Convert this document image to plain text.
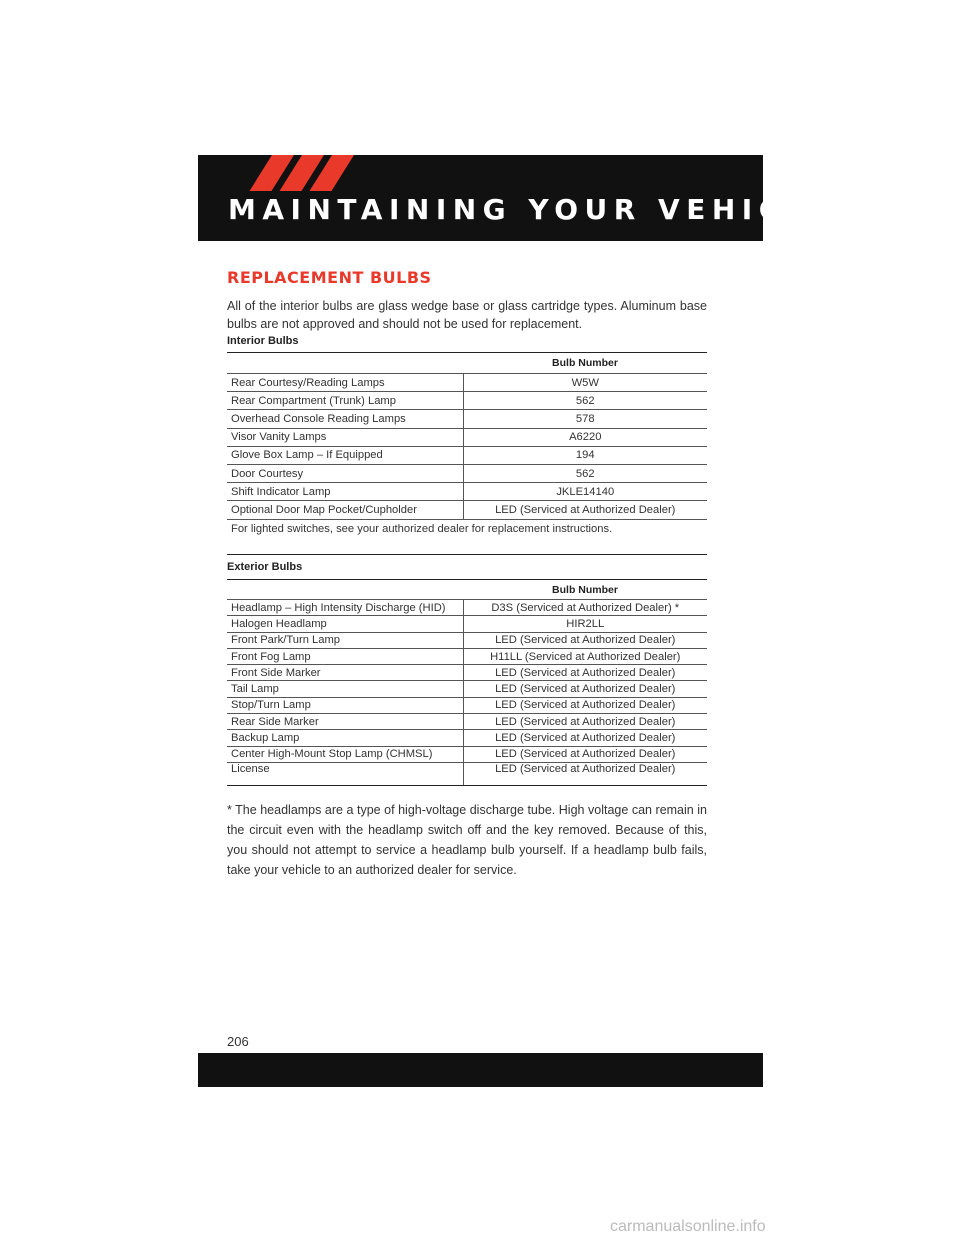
MAINTAINING YOUR VEHICLE
REPLACEMENT BULBS

All of the interior bulbs are glass wedge base or glass cartridge types. Aluminum base bulbs are not approved and should not be used for replacement.

Interior Bulbs

	Bulb Number
Rear Courtesy/Reading Lamps	W5W
Rear Compartment (Trunk) Lamp	562
Overhead Console Reading Lamps	578
Visor Vanity Lamps	A6220
Glove Box Lamp – If Equipped	194
Door Courtesy	562
Shift Indicator Lamp	JKLE14140
Optional Door Map Pocket/Cupholder	LED (Serviced at Authorized Dealer)
For lighted switches, see your authorized dealer for replacement instructions.	

Exterior Bulbs

	Bulb Number
Headlamp – High Intensity Discharge (HID)	D3S (Serviced at Authorized Dealer) *
Halogen Headlamp	HIR2LL
Front Park/Turn Lamp	LED (Serviced at Authorized Dealer)
Front Fog Lamp	H11LL (Serviced at Authorized Dealer)
Front Side Marker	LED (Serviced at Authorized Dealer)
Tail Lamp	LED (Serviced at Authorized Dealer)
Stop/Turn Lamp	LED (Serviced at Authorized Dealer)
Rear Side Marker	LED (Serviced at Authorized Dealer)
Backup Lamp	LED (Serviced at Authorized Dealer)
Center High-Mount Stop Lamp (CHMSL)	LED (Serviced at Authorized Dealer)
License	LED (Serviced at Authorized Dealer)

* The headlamps are a type of high-voltage discharge tube. High voltage can remain in the circuit even with the headlamp switch off and the key removed. Because of this, you should not attempt to service a headlamp bulb yourself. If a headlamp bulb fails, take your vehicle to an authorized dealer for service.

206
carmanualsonline.info
